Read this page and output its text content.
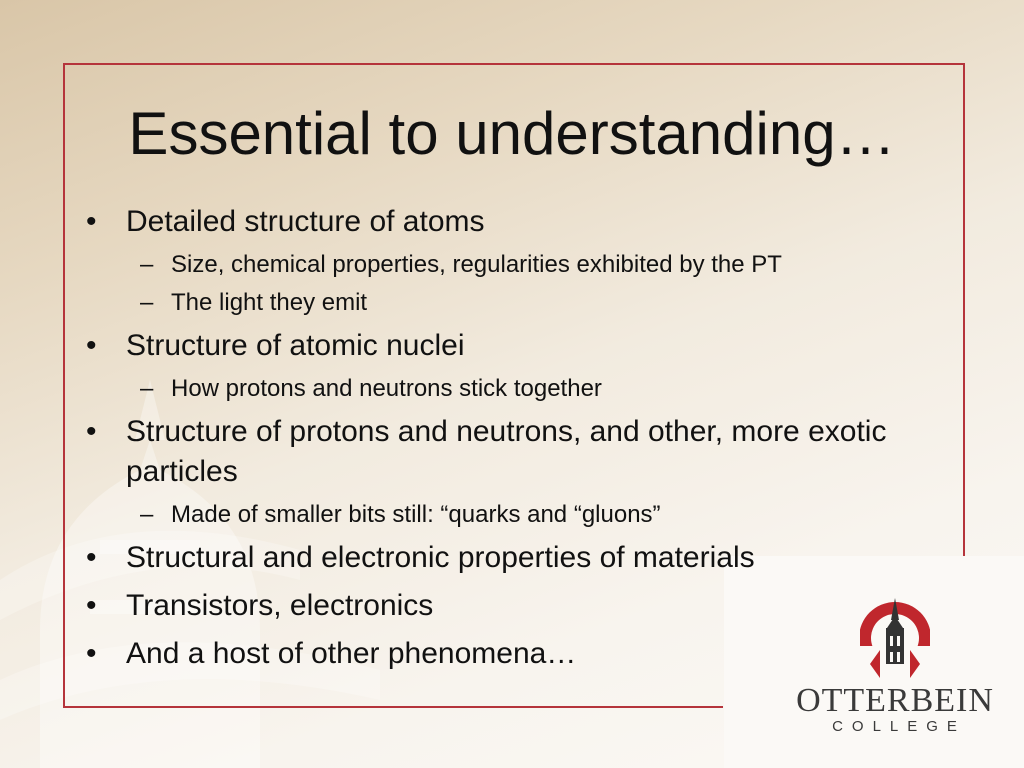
Essential to understanding…
• Detailed structure of atoms
– Size, chemical properties, regularities exhibited by the PT
– The light they emit
• Structure of atomic nuclei
– How protons and neutrons stick together
• Structure of protons and neutrons, and other, more exotic particles
– Made of smaller bits still: “quarks and “gluons”
• Structural and electronic properties of materials
• Transistors, electronics
• And a host of other phenomena…
OTTERBEIN
COLLEGE
